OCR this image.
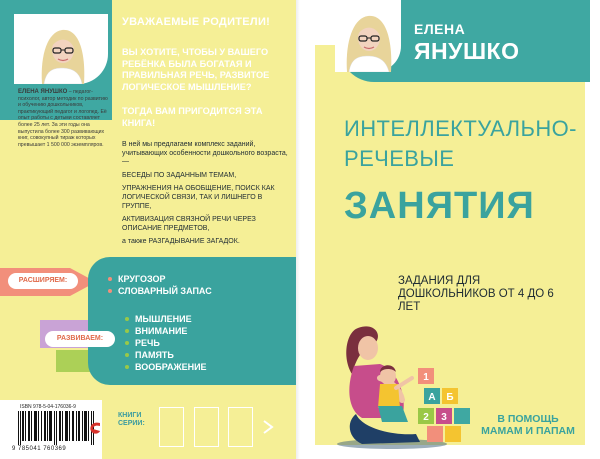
ЕЛЕНА ЯНУШКО – педагог-психолог, автор методик по развитию и обучению дошкольников, практикующий педагог и логопед. Её опыт работы с детьми составляет более 25 лет. За эти годы она выпустила более 300 развивающих книг, совокупный тираж которых превышает 1 500 000 экземпляров.
УВАЖАЕМЫЕ РОДИТЕЛИ!
ВЫ ХОТИТЕ, ЧТОБЫ У ВАШЕГО РЕБЁНКА БЫЛА БОГАТАЯ И ПРАВИЛЬНАЯ РЕЧЬ, РАЗВИТОЕ ЛОГИЧЕСКОЕ МЫШЛЕНИЕ?
ТОГДА ВАМ ПРИГОДИТСЯ ЭТА КНИГА!

В ней мы предлагаем комплекс заданий, учитывающих особенности дошкольного возраста, —

БЕСЕДЫ ПО ЗАДАННЫМ ТЕМАМ,

УПРАЖНЕНИЯ НА ОБОБЩЕНИЕ, ПОИСК КАК ЛОГИЧЕСКОЙ СВЯЗИ, ТАК И ЛИШНЕГО В ГРУППЕ,

АКТИВИЗАЦИЯ СВЯЗНОЙ РЕЧИ ЧЕРЕЗ ОПИСАНИЕ ПРЕДМЕТОВ,

а также РАЗГАДЫВАНИЕ ЗАГАДОК.

РАСШИРЯЕМ:
РАЗВИВАЕМ:
КРУГОЗОР
СЛОВАРНЫЙ ЗАПАС
МЫШЛЕНИЕ
ВНИМАНИЕ
РЕЧЬ
ПАМЯТЬ
ВООБРАЖЕНИЕ
ISBN 978-5-04-176036-9
9 785041 760369
КНИГИ СЕРИИ:
ЕЛЕНА
ЯНУШКО
ИНТЕЛЛЕКТУАЛЬНО-
РЕЧЕВЫЕ
ЗАНЯТИЯ
ЗАДАНИЯ ДЛЯ ДОШКОЛЬНИКОВ ОТ 4 ДО 6 ЛЕТ
1
A Б
2 3	В ПОМОЩЬ МАМАМ И ПАПАМ
